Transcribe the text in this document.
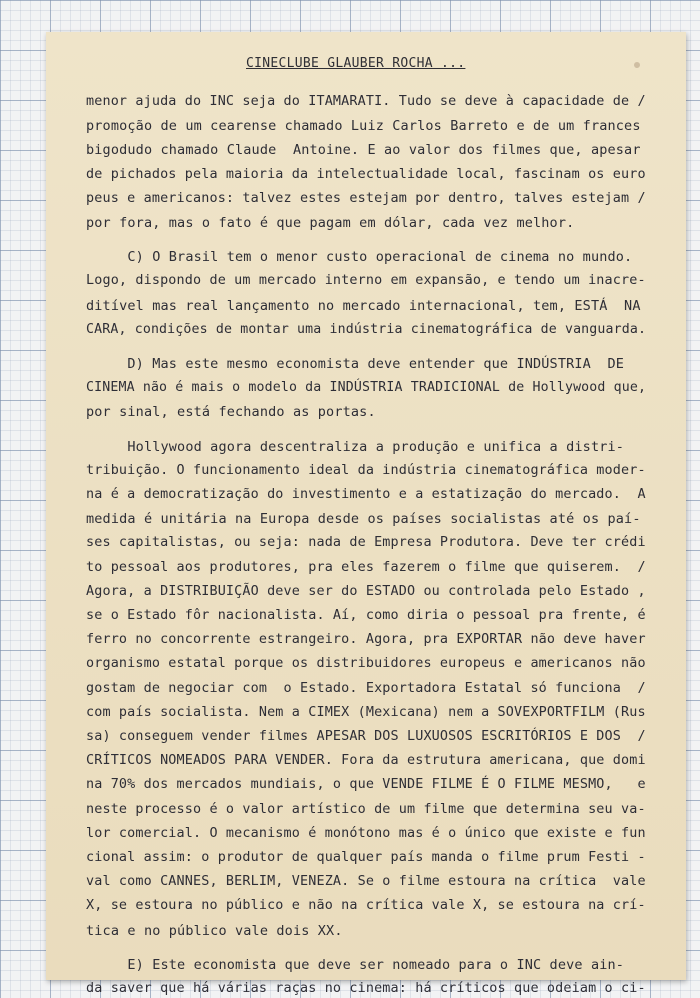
CINECLUBE GLAUBER ROCHA ...
menor ajuda do INC seja do ITAMARATI. Tudo se deve à capacidade de /
promoção de um cearense chamado Luiz Carlos Barreto e de um frances
bigodudo chamado Claude  Antoine. E ao valor dos filmes que, apesar
de pichados pela maioria da intelectualidade local, fascinam os euro
peus e americanos: talvez estes estejam por dentro, talves estejam /
por fora, mas o fato é que pagam em dólar, cada vez melhor.
C) O Brasil tem o menor custo operacional de cinema no mundo.
Logo, dispondo de um mercado interno em expansão, e tendo um inacre-
ditível mas real lançamento no mercado internacional, tem, ESTÁ  NA
CARA, condições de montar uma indústria cinematográfica de vanguarda.
D) Mas este mesmo economista deve entender que INDÚSTRIA  DE
CINEMA não é mais o modelo da INDÚSTRIA TRADICIONAL de Hollywood que,
por sinal, está fechando as portas.
Hollywood agora descentraliza a produção e unifica a distri-
tribuição. O funcionamento ideal da indústria cinematográfica moder-
na é a democratização do investimento e a estatização do mercado.  A
medida é unitária na Europa desde os países socialistas até os paí-
ses capitalistas, ou seja: nada de Empresa Produtora. Deve ter crédi
to pessoal aos produtores, pra eles fazerem o filme que quiserem.  /
Agora, a DISTRIBUIÇÃO deve ser do ESTADO ou controlada pelo Estado ,
se o Estado fôr nacionalista. Aí, como diria o pessoal pra frente, é
ferro no concorrente estrangeiro. Agora, pra EXPORTAR não deve haver
organismo estatal porque os distribuidores europeus e americanos não
gostam de negociar com  o Estado. Exportadora Estatal só funciona  /
com país socialista. Nem a CIMEX (Mexicana) nem a SOVEXPORTFILM (Rus
sa) conseguem vender filmes APESAR DOS LUXUOSOS ESCRITÓRIOS E DOS  /
CRÍTICOS NOMEADOS PARA VENDER. Fora da estrutura americana, que domi
na 70% dos mercados mundiais, o que VENDE FILME É O FILME MESMO,   e
neste processo é o valor artístico de um filme que determina seu va-
lor comercial. O mecanismo é monótono mas é o único que existe e fun
cional assim: o produtor de qualquer país manda o filme prum Festi -
val como CANNES, BERLIM, VENEZA. Se o filme estoura na crítica  vale
X, se estoura no público e não na crítica vale X, se estoura na crí-
tica e no público vale dois XX.
E) Este economista que deve ser nomeado para o INC deve ain-
da saver que há várias raças no cinema: há críticos que odeiam o ci-
